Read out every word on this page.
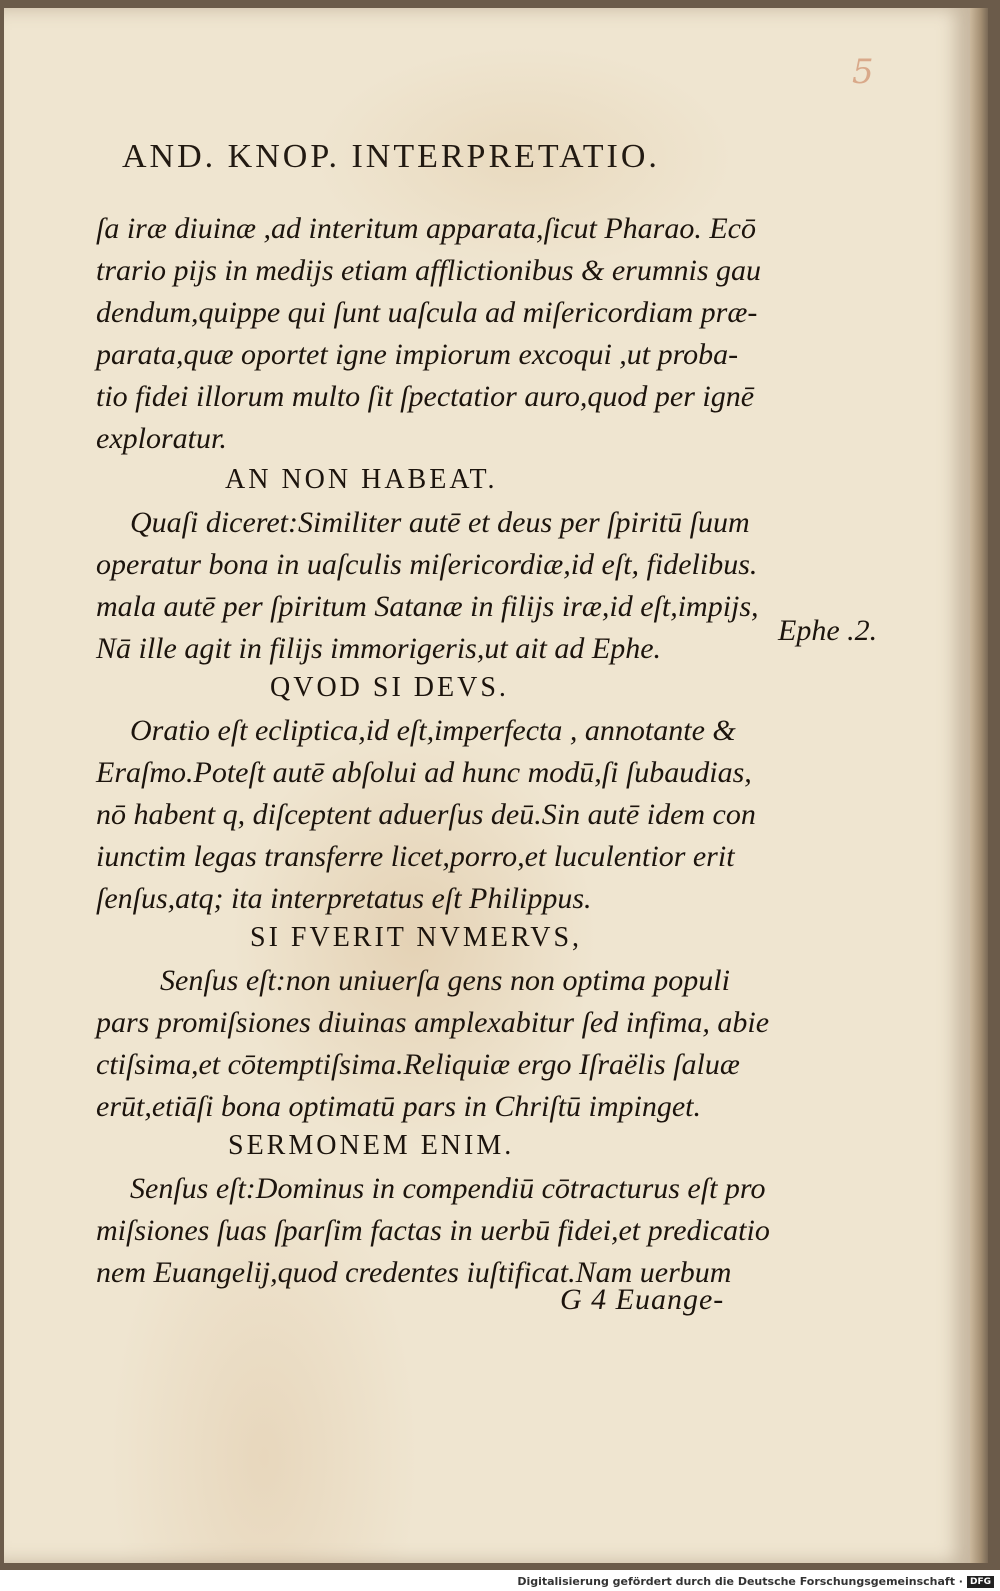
5
AND. KNOP. INTERPRETATIO.
ſa iræ diuinæ ,ad interitum apparata,ſicut Pharao. Ecō
trario pijs in medijs etiam afflictionibus & erumnis gau
dendum,quippe qui ſunt uaſcula ad miſericordiam præ-
parata,quæ oportet igne impiorum excoqui ,ut proba-
tio fidei illorum multo ſit ſpectatior auro,quod per ignē
exploratur.
AN NON HABEAT.
Quaſi diceret:Similiter autē et deus per ſpiritū ſuum
operatur bona in uaſculis miſericordiæ,id eſt, fidelibus.
mala autē per ſpiritum Satanæ in filijs iræ,id eſt,impijs,
Nā ille agit in filijs immorigeris,ut ait ad Ephe.
Ephe .2.
QVOD SI DEVS.
Oratio eſt ecliptica,id eſt,imperfecta , annotante &
Eraſmo.Poteſt autē abſolui ad hunc modū,ſi ſubaudias,
nō habent q, diſceptent aduerſus deū.Sin autē idem con
iunctim legas transferre licet,porro,et luculentior erit
ſenſus,atq; ita interpretatus eſt Philippus.
SI FVERIT NVMERVS,
Senſus eſt:non uniuerſa gens non optima populi
pars promiſsiones diuinas amplexabitur ſed infima, abie
ctiſsima,et cōtemptiſsima.Reliquiæ ergo Iſraëlis ſaluæ
erūt,etiāſi bona optimatū pars in Chriſtū impinget.
SERMONEM ENIM.
Senſus eſt:Dominus in compendiū cōtracturus eſt pro
miſsiones ſuas ſparſim factas in uerbū fidei,et predicatio
nem Euangelij,quod credentes iuſtificat.Nam uerbum
G 4 Euange-
Digitalisierung gefördert durch die Deutsche Forschungsgemeinschaft · DFG
